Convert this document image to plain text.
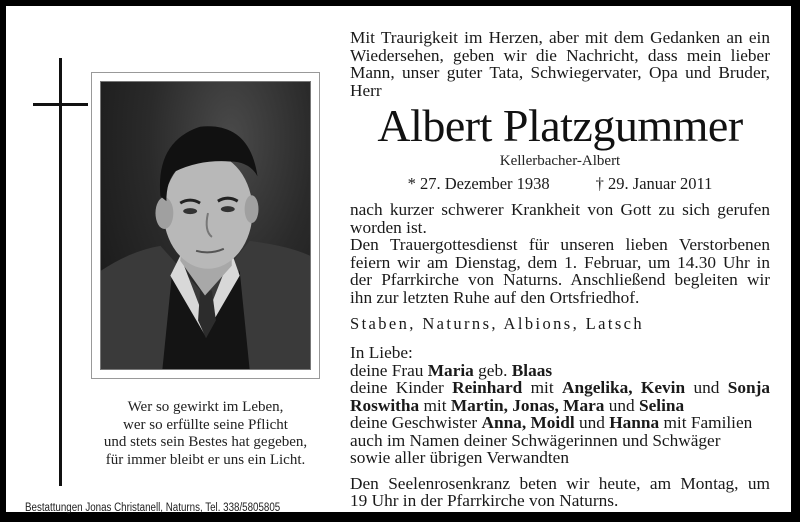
Wer so gewirkt im Leben,
wer so erfüllte seine Pflicht
und stets sein Bestes hat gegeben,
für immer bleibt er uns ein Licht.
Bestattungen Jonas Christanell, Naturns, Tel. 338/5805805
Mit Traurigkeit im Herzen, aber mit dem Gedanken an ein
Wiedersehen, geben wir die Nachricht, dass mein lieber
Mann, unser guter Tata, Schwiegervater, Opa und Bruder,
Herr
Albert Platzgummer
Kellerbacher-Albert
* 27. Dezember 1938	† 29. Januar 2011
nach kurzer schwerer Krankheit von Gott zu sich gerufen
worden ist.
Den Trauergottesdienst für unseren lieben Verstorbenen
feiern wir am Dienstag, dem 1. Februar, um 14.30 Uhr in
der Pfarrkirche von Naturns. Anschließend begleiten wir
ihn zur letzten Ruhe auf den Ortsfriedhof.
Staben, Naturns, Albions, Latsch
In Liebe:
deine Frau Maria geb. Blaas
deine Kinder Reinhard mit Angelika, Kevin und Sonja
Roswitha mit Martin, Jonas, Mara und Selina
deine Geschwister Anna, Moidl und Hanna mit Familien
auch im Namen deiner Schwägerinnen und Schwäger
sowie aller übrigen Verwandten
Den Seelenrosenkranz beten wir heute, am Montag, um
19 Uhr in der Pfarrkirche von Naturns.
